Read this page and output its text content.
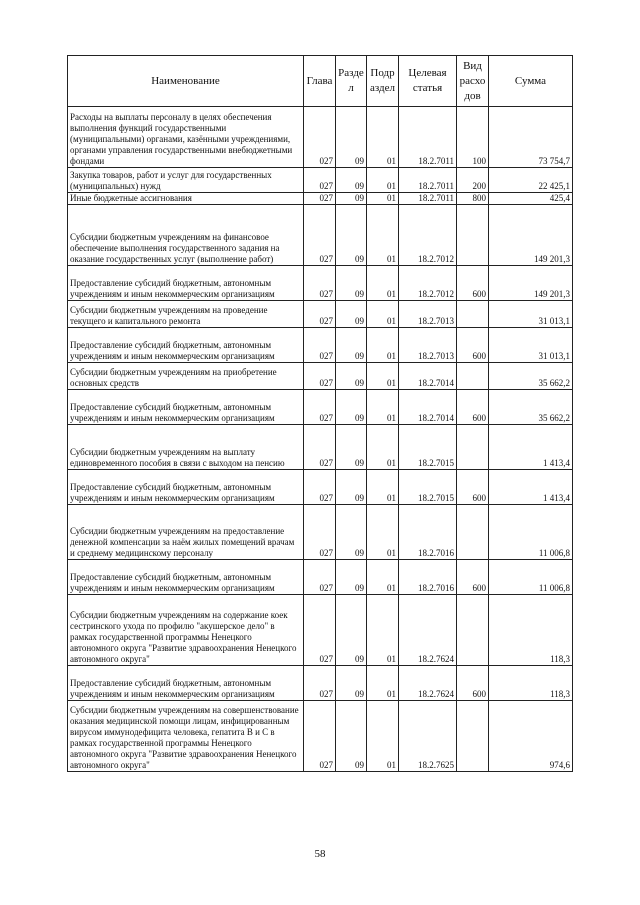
Наименование	Глава	Разде л	Подр аздел	Целевая статья	Вид расхо дов	Сумма
Расходы на выплаты персоналу в целях обеспечения выполнения функций государственными (муниципальными) органами, казёнными учреждениями, органами управления государственными внебюджетными фондами	027	09	01	18.2.7011	100	73 754,7
Закупка товаров, работ и услуг для государственных (муниципальных) нужд	027	09	01	18.2.7011	200	22 425,1
Иные бюджетные ассигнования	027	09	01	18.2.7011	800	425,4
Субсидии бюджетным учреждениям на финансовое обеспечение выполнения государственного задания на оказание государственных услуг (выполнение работ)	027	09	01	18.2.7012		149 201,3
Предоставление субсидий бюджетным, автономным учреждениям и иным некоммерческим организациям	027	09	01	18.2.7012	600	149 201,3
Субсидии бюджетным учреждениям на проведение текущего и капитального ремонта	027	09	01	18.2.7013		31 013,1
Предоставление субсидий бюджетным, автономным учреждениям и иным некоммерческим организациям	027	09	01	18.2.7013	600	31 013,1
Субсидии бюджетным учреждениям на приобретение основных средств	027	09	01	18.2.7014		35 662,2
Предоставление субсидий бюджетным, автономным учреждениям и иным некоммерческим организациям	027	09	01	18.2.7014	600	35 662,2
Субсидии бюджетным учреждениям на выплату единовременного пособия в связи с выходом на пенсию	027	09	01	18.2.7015		1 413,4
Предоставление субсидий бюджетным, автономным учреждениям и иным некоммерческим организациям	027	09	01	18.2.7015	600	1 413,4
Субсидии бюджетным учреждениям на предоставление денежной компенсации за наём жилых помещений врачам и среднему медицинскому персоналу	027	09	01	18.2.7016		11 006,8
Предоставление субсидий бюджетным, автономным учреждениям и иным некоммерческим организациям	027	09	01	18.2.7016	600	11 006,8
Субсидии бюджетным учреждениям на содержание коек сестринского ухода по профилю "акушерское дело" в рамках государственной программы Ненецкого автономного округа "Развитие здравоохранения Ненецкого автономного округа"	027	09	01	18.2.7624		118,3
Предоставление субсидий бюджетным, автономным учреждениям и иным некоммерческим организациям	027	09	01	18.2.7624	600	118,3
Субсидии бюджетным учреждениям на совершенствование оказания медицинской помощи лицам, инфицированным вирусом иммунодефицита человека, гепатита В и С в рамках государственной программы Ненецкого автономного округа "Развитие здравоохранения Ненецкого автономного округа"	027	09	01	18.2.7625		974,6
58
